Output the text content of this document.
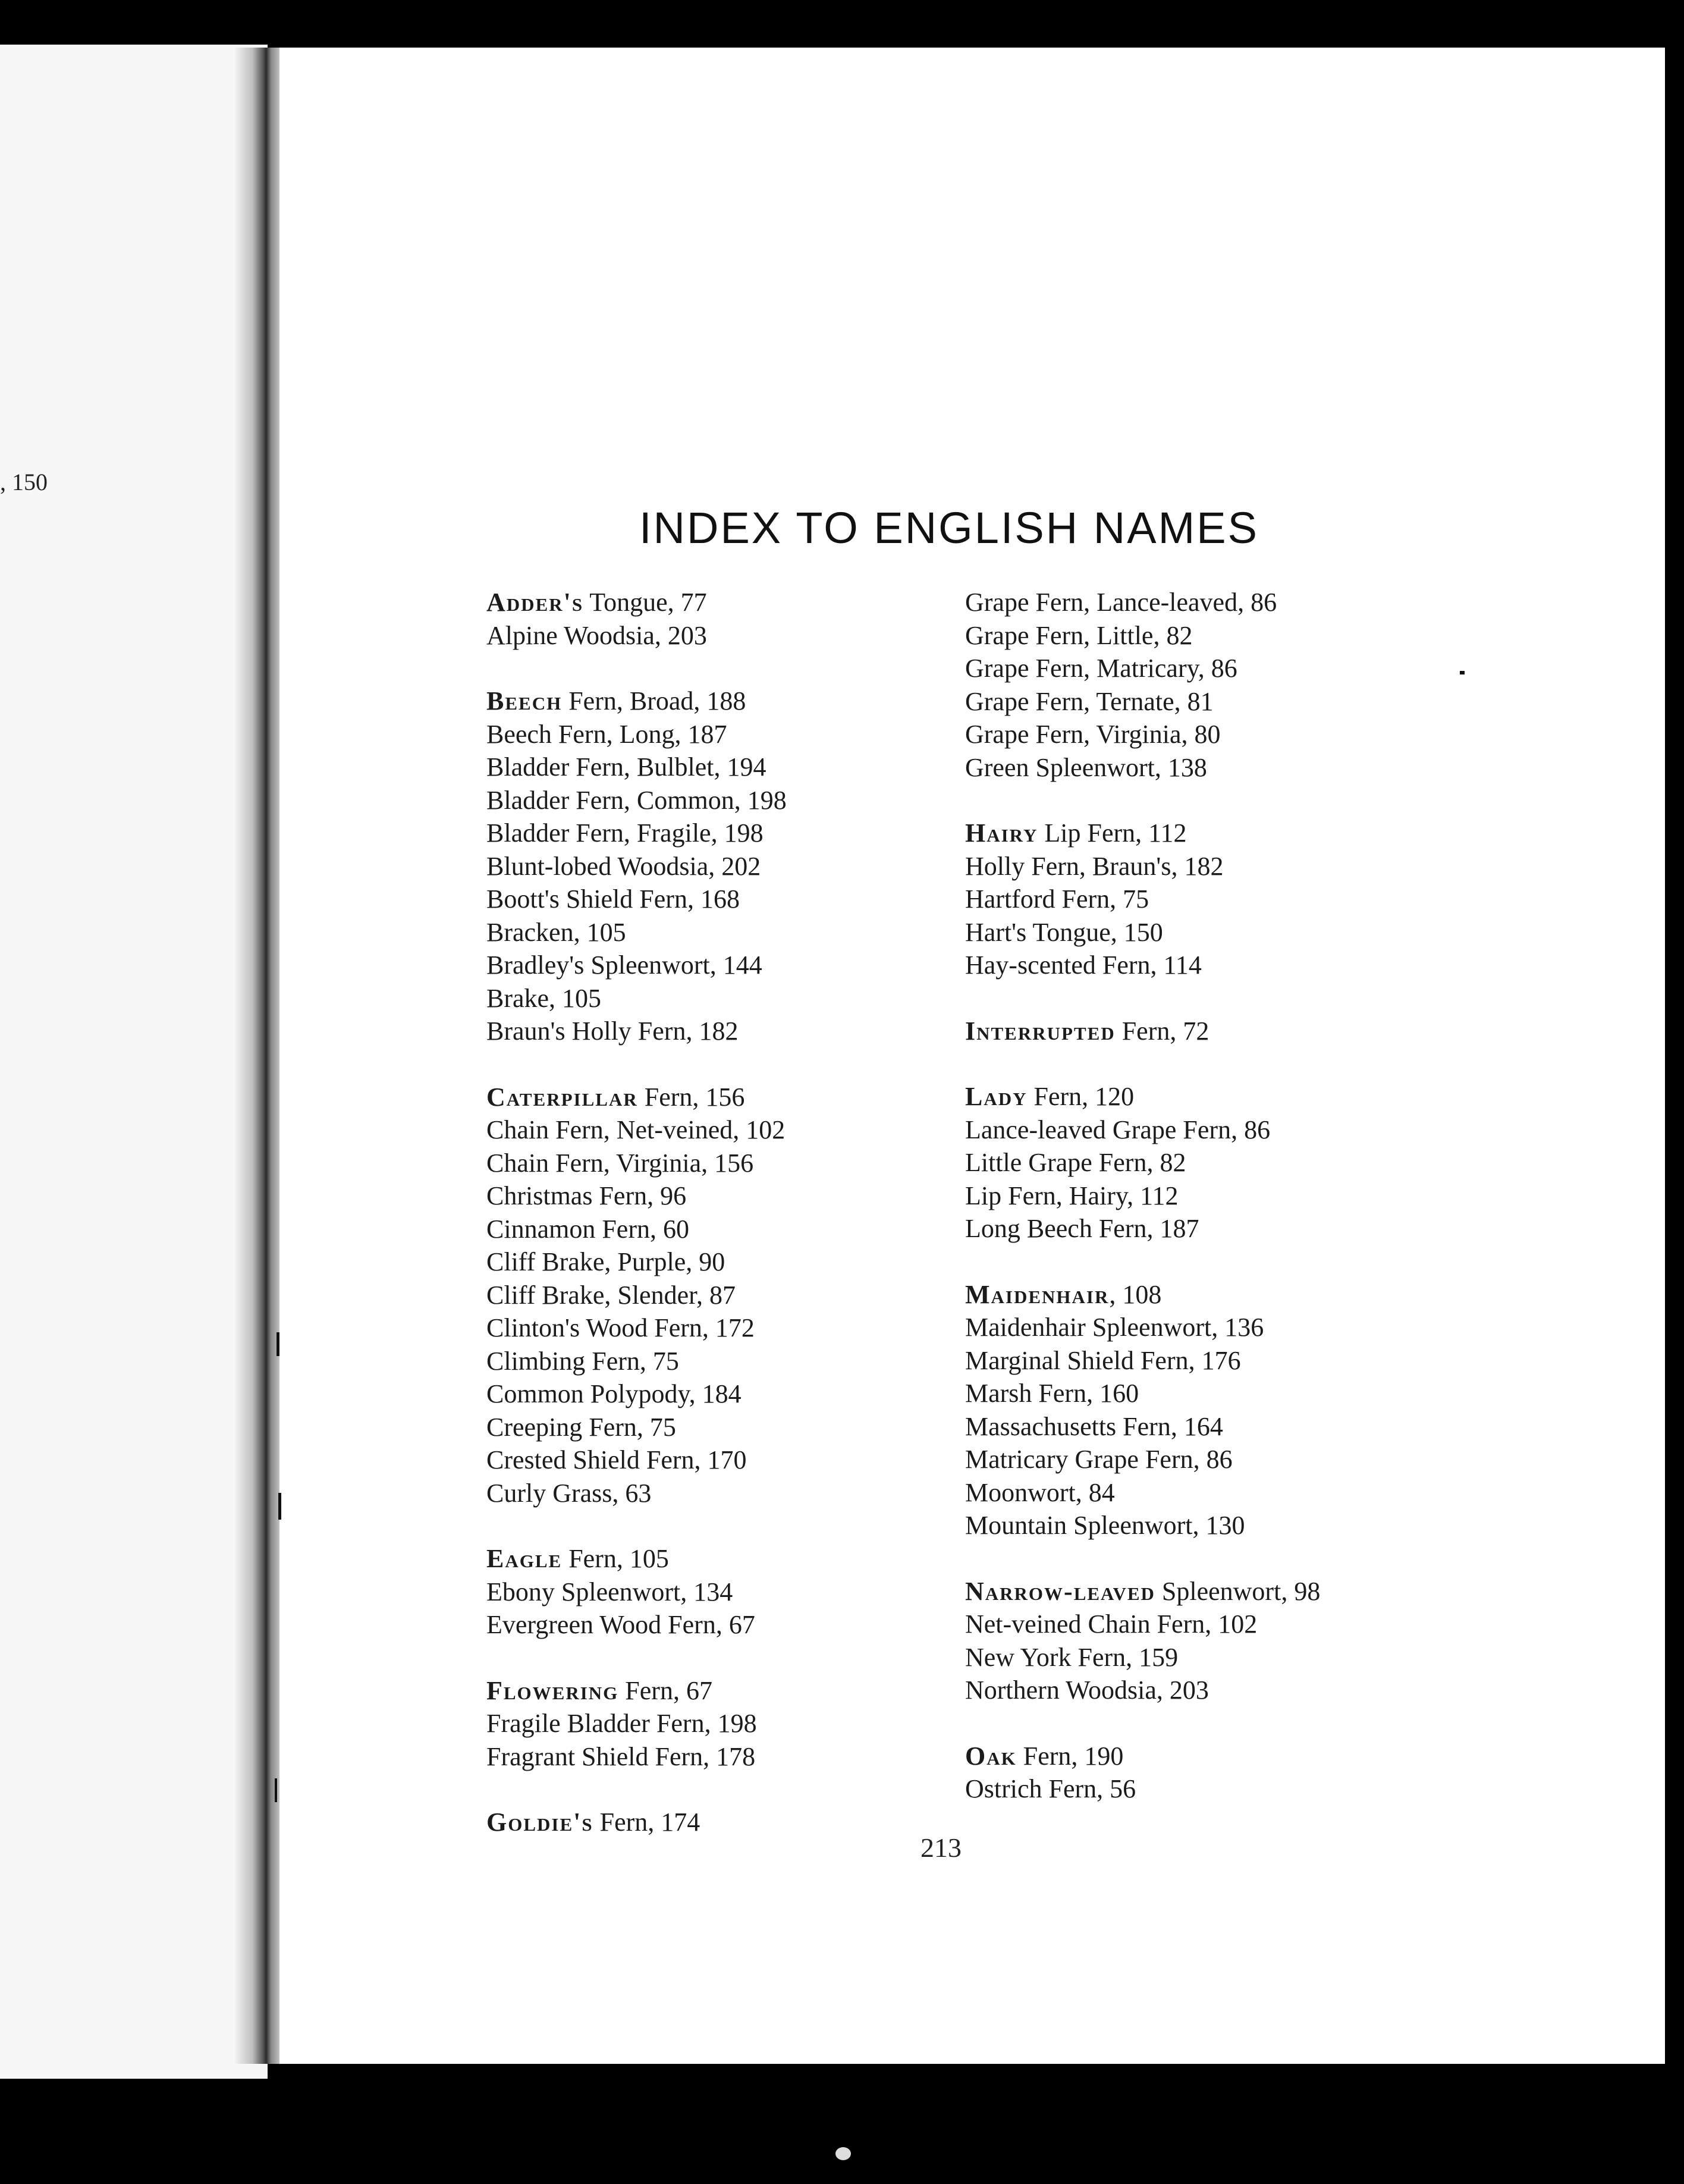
, 150
INDEX TO ENGLISH NAMES
Adder's Tongue, 77
Alpine Woodsia, 203
Beech Fern, Broad, 188
Beech Fern, Long, 187
Bladder Fern, Bulblet, 194
Bladder Fern, Common, 198
Bladder Fern, Fragile, 198
Blunt-lobed Woodsia, 202
Boott's Shield Fern, 168
Bracken, 105
Bradley's Spleenwort, 144
Brake, 105
Braun's Holly Fern, 182
Caterpillar Fern, 156
Chain Fern, Net-veined, 102
Chain Fern, Virginia, 156
Christmas Fern, 96
Cinnamon Fern, 60
Cliff Brake, Purple, 90
Cliff Brake, Slender, 87
Clinton's Wood Fern, 172
Climbing Fern, 75
Common Polypody, 184
Creeping Fern, 75
Crested Shield Fern, 170
Curly Grass, 63
Eagle Fern, 105
Ebony Spleenwort, 134
Evergreen Wood Fern, 67
Flowering Fern, 67
Fragile Bladder Fern, 198
Fragrant Shield Fern, 178
Goldie's Fern, 174
Grape Fern, Lance-leaved, 86
Grape Fern, Little, 82
Grape Fern, Matricary, 86
Grape Fern, Ternate, 81
Grape Fern, Virginia, 80
Green Spleenwort, 138
Hairy Lip Fern, 112
Holly Fern, Braun's, 182
Hartford Fern, 75
Hart's Tongue, 150
Hay-scented Fern, 114
Interrupted Fern, 72
Lady Fern, 120
Lance-leaved Grape Fern, 86
Little Grape Fern, 82
Lip Fern, Hairy, 112
Long Beech Fern, 187
Maidenhair, 108
Maidenhair Spleenwort, 136
Marginal Shield Fern, 176
Marsh Fern, 160
Massachusetts Fern, 164
Matricary Grape Fern, 86
Moonwort, 84
Mountain Spleenwort, 130
Narrow-leaved Spleenwort, 98
Net-veined Chain Fern, 102
New York Fern, 159
Northern Woodsia, 203
Oak Fern, 190
Ostrich Fern, 56
213
